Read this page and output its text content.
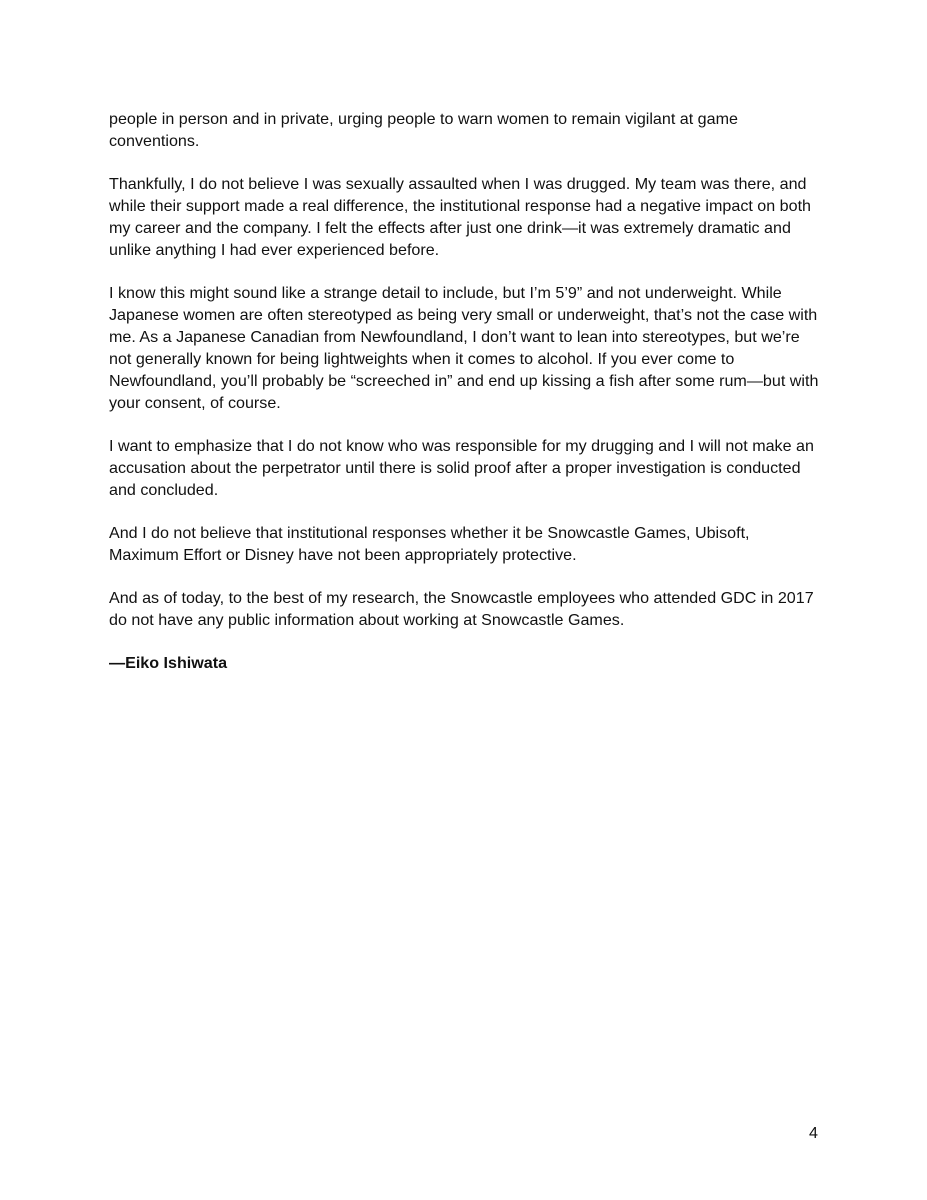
people in person and in private, urging people to warn women to remain vigilant at game conventions.

Thankfully, I do not believe I was sexually assaulted when I was drugged. My team was there, and while their support made a real difference, the institutional response had a negative impact on both my career and the company. I felt the effects after just one drink—it was extremely dramatic and unlike anything I had ever experienced before.

I know this might sound like a strange detail to include, but I’m 5’9” and not underweight. While Japanese women are often stereotyped as being very small or underweight, that’s not the case with me. As a Japanese Canadian from Newfoundland, I don’t want to lean into stereotypes, but we’re not generally known for being lightweights when it comes to alcohol. If you ever come to Newfoundland, you’ll probably be “screeched in” and end up kissing a fish after some rum—but with your consent, of course.

I want to emphasize that I do not know who was responsible for my drugging and I will not make an accusation about the perpetrator until there is solid proof after a proper investigation is conducted and concluded.

And I do not believe that institutional responses whether it be Snowcastle Games, Ubisoft, Maximum Effort or Disney have not been appropriately protective.

And as of today, to the best of my research, the Snowcastle employees who attended GDC in 2017 do not have any public information about working at Snowcastle Games.

—Eiko Ishiwata

4
